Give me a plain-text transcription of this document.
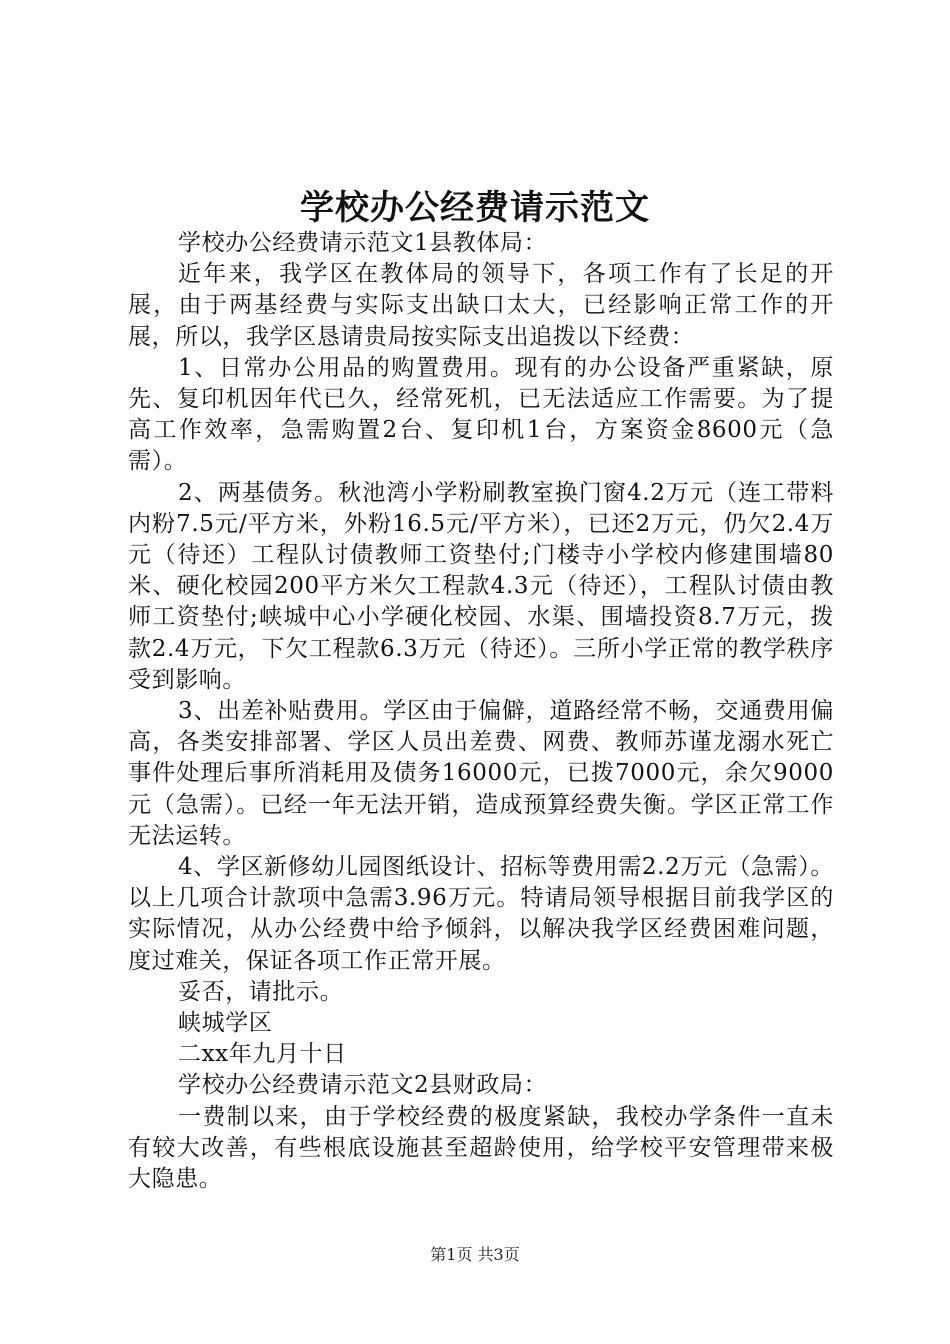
学校办公经费请示范文

学校办公经费请示范文1县教体局：

近年来，我学区在教体局的领导下，各项工作有了长足的开展，由于两基经费与实际支出缺口太大，已经影响正常工作的开展，所以，我学区恳请贵局按实际支出追拨以下经费：

1、日常办公用品的购置费用。现有的办公设备严重紧缺，原先、复印机因年代已久，经常死机，已无法适应工作需要。为了提高工作效率，急需购置2台、复印机1台，方案资金8600元（急需）。

2、两基债务。秋池湾小学粉刷教室换门窗4.2万元（连工带料内粉7.5元/平方米，外粉16.5元/平方米），已还2万元，仍欠2.4万元（待还）工程队讨债教师工资垫付;门楼寺小学校内修建围墙80米、硬化校园200平方米欠工程款4.3元（待还），工程队讨债由教师工资垫付;峡城中心小学硬化校园、水渠、围墙投资8.7万元，拨款2.4万元，下欠工程款6.3万元（待还）。三所小学正常的教学秩序受到影响。

3、出差补贴费用。学区由于偏僻，道路经常不畅，交通费用偏高，各类安排部署、学区人员出差费、网费、教师苏谨龙溺水死亡事件处理后事所消耗用及债务16000元，已拨7000元，余欠9000元（急需）。已经一年无法开销，造成预算经费失衡。学区正常工作无法运转。

4、学区新修幼儿园图纸设计、招标等费用需2.2万元（急需）。以上几项合计款项中急需3.96万元。特请局领导根据目前我学区的实际情况，从办公经费中给予倾斜，以解决我学区经费困难问题，度过难关，保证各项工作正常开展。

妥否，请批示。

峡城学区

二xx年九月十日

学校办公经费请示范文2县财政局：

一费制以来，由于学校经费的极度紧缺，我校办学条件一直未有较大改善，有些根底设施甚至超龄使用，给学校平安管理带来极大隐患。

第1页 共3页
